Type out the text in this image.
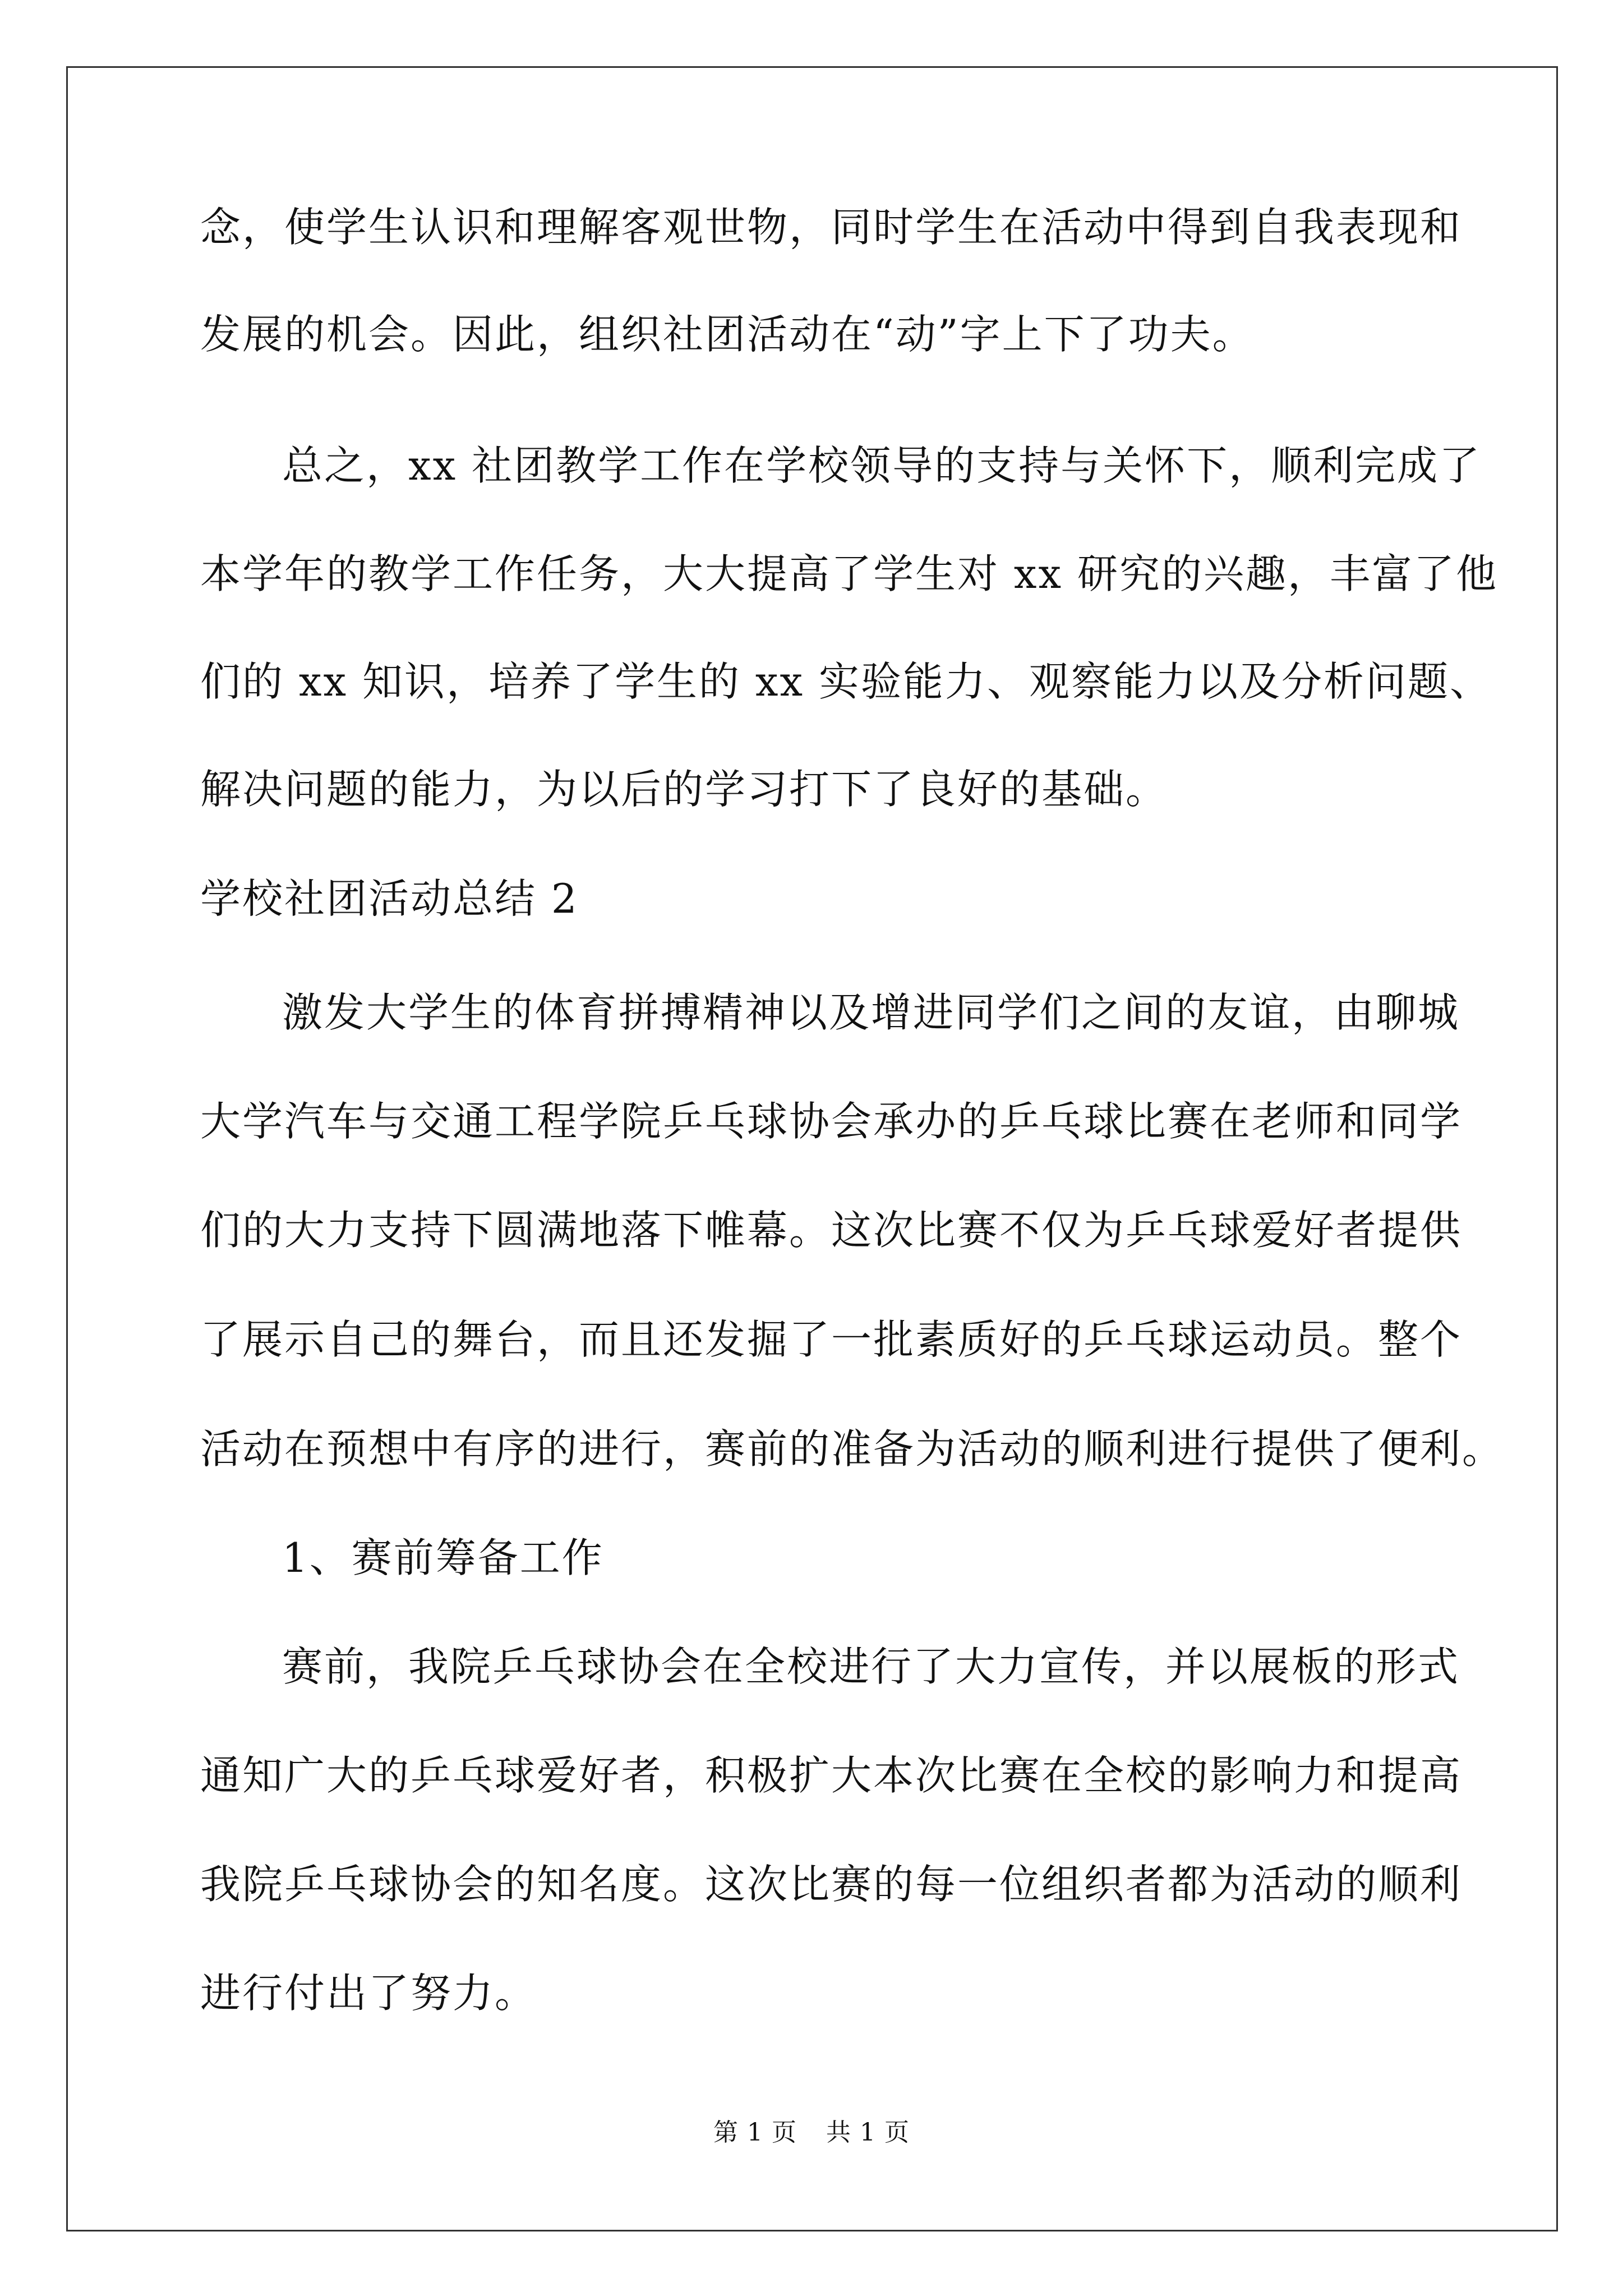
念，使学生认识和理解客观世物，同时学生在活动中得到自我表现和
发展的机会。因此，组织社团活动在“动”字上下了功夫。
总之，xx 社团教学工作在学校领导的支持与关怀下，顺利完成了
本学年的教学工作任务，大大提高了学生对 xx 研究的兴趣，丰富了他
们的 xx 知识，培养了学生的 xx 实验能力、观察能力以及分析问题、
解决问题的能力，为以后的学习打下了良好的基础。
学校社团活动总结 2
激发大学生的体育拼搏精神以及增进同学们之间的友谊，由聊城
大学汽车与交通工程学院乒乓球协会承办的乒乓球比赛在老师和同学
们的大力支持下圆满地落下帷幕。这次比赛不仅为乒乓球爱好者提供
了展示自己的舞台，而且还发掘了一批素质好的乒乓球运动员。整个
活动在预想中有序的进行，赛前的准备为活动的顺利进行提供了便利。
1、赛前筹备工作
赛前，我院乒乓球协会在全校进行了大力宣传，并以展板的形式
通知广大的乒乓球爱好者，积极扩大本次比赛在全校的影响力和提高
我院乒乓球协会的知名度。这次比赛的每一位组织者都为活动的顺利
进行付出了努力。
第 1 页 共 1 页
